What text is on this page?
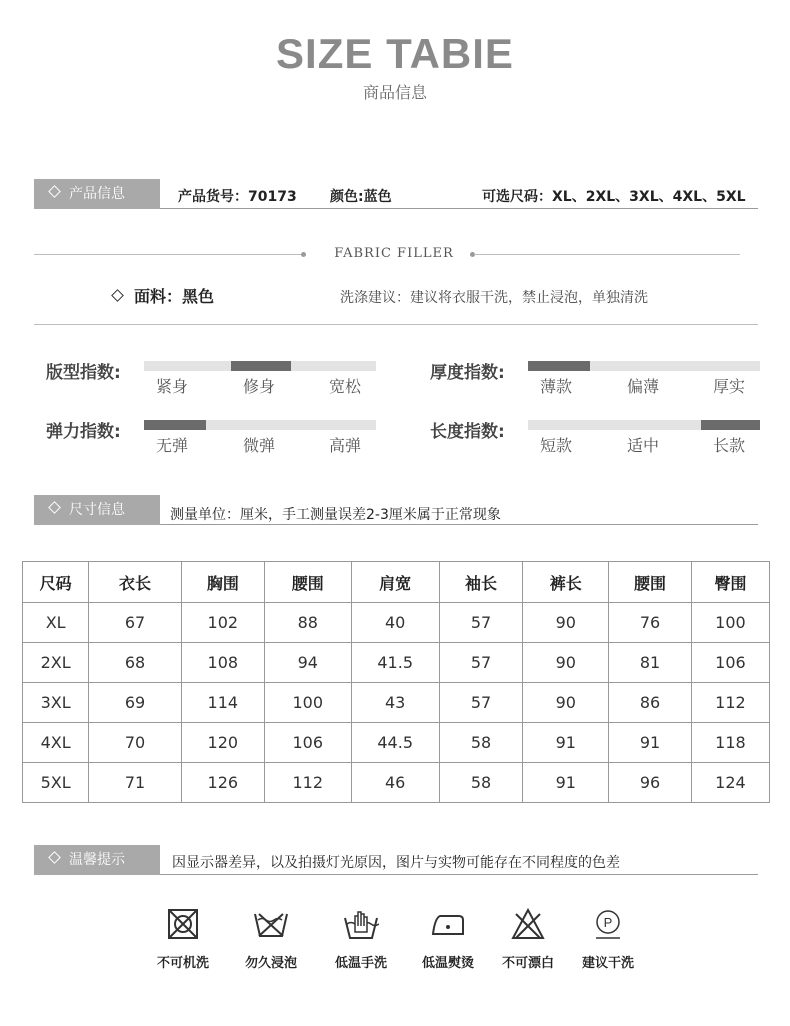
SIZE TABIE
商品信息
产品信息	产品货号：70173 颜色:蓝色	可选尺码：XL、2XL、3XL、4XL、5XL
FABRIC FILLER
面料：黑色	洗涤建议：建议将衣服干洗，禁止浸泡，单独清洗
版型指数:
紧身	修身	宽松
厚度指数:
薄款	偏薄	厚实
弹力指数:
无弹	微弹	高弹
长度指数:
短款	适中	长款
尺寸信息	测量单位：厘米，手工测量误差2-3厘米属于正常现象
尺码	衣长	胸围	腰围	肩宽	袖长	裤长	腰围	臀围
XL	67	102	88	40	57	90	76	100
2XL	68	108	94	41.5	57	90	81	106
3XL	69	114	100	43	57	90	86	112
4XL	70	120	106	44.5	58	91	91	118
5XL	71	126	112	46	58	91	96	124
温馨提示	因显示器差异，以及拍摄灯光原因，图片与实物可能存在不同程度的色差
不可机洗	勿久浸泡	低温手洗	低温熨烫	不可漂白
P
建议干洗
